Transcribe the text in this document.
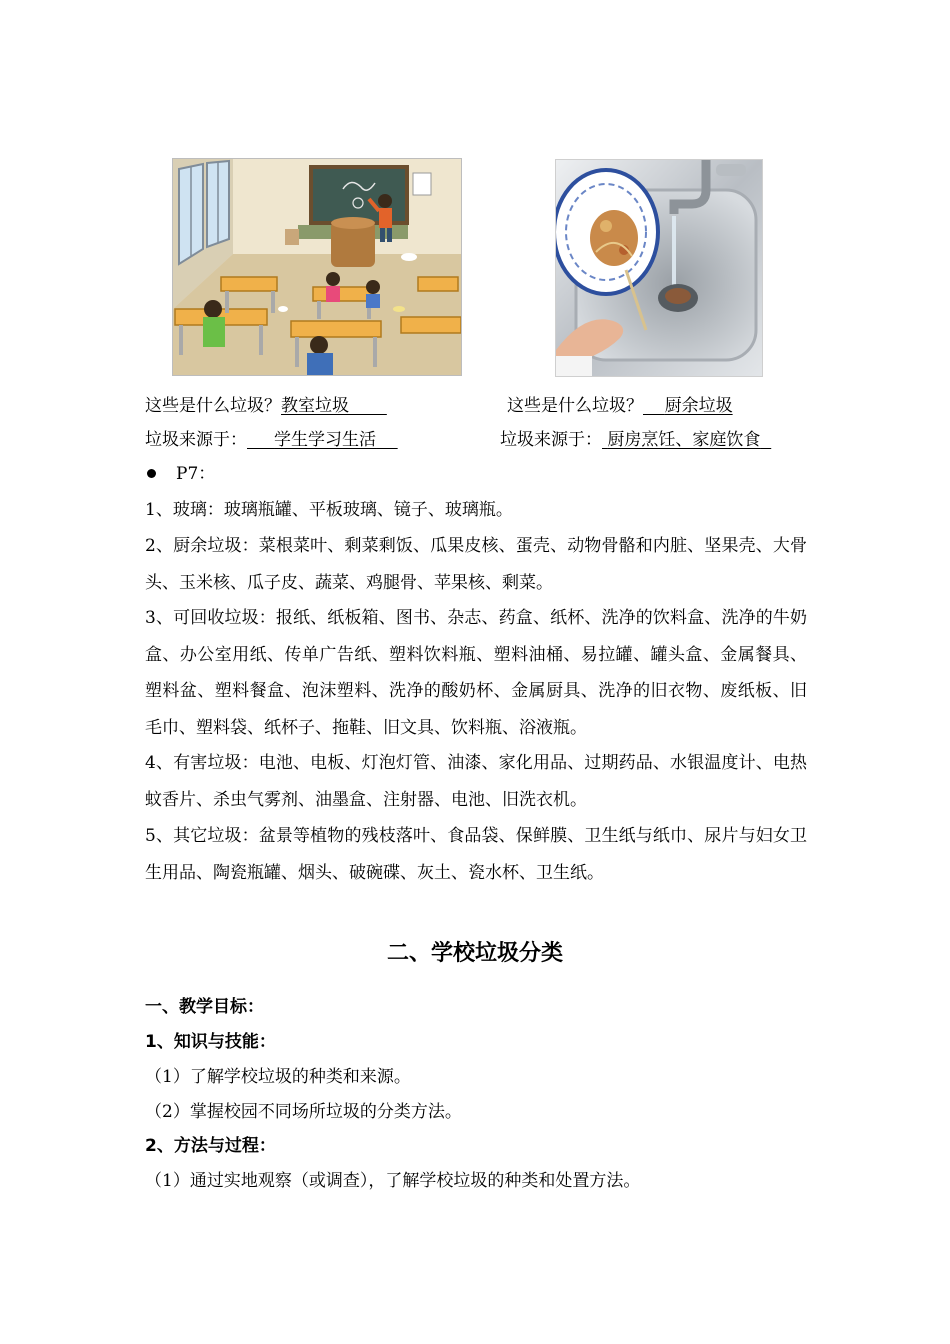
这些是什么垃圾？教室垃圾	这些是什么垃圾？ 厨余垃圾
垃圾来源于： 学生学习生活	垃圾来源于： 厨房烹饪、家庭饮食
P7：
1、玻璃：玻璃瓶罐、平板玻璃、镜子、玻璃瓶。
2、厨余垃圾：菜根菜叶、剩菜剩饭、瓜果皮核、蛋壳、动物骨骼和内脏、坚果壳、大骨头、玉米核、瓜子皮、蔬菜、鸡腿骨、苹果核、剩菜。
3、可回收垃圾：报纸、纸板箱、图书、杂志、药盒、纸杯、洗净的饮料盒、洗净的牛奶盒、办公室用纸、传单广告纸、塑料饮料瓶、塑料油桶、易拉罐、罐头盒、金属餐具、塑料盆、塑料餐盒、泡沫塑料、洗净的酸奶杯、金属厨具、洗净的旧衣物、废纸板、旧毛巾、塑料袋、纸杯子、拖鞋、旧文具、饮料瓶、浴液瓶。
4、有害垃圾：电池、电板、灯泡灯管、油漆、家化用品、过期药品、水银温度计、电热蚊香片、杀虫气雾剂、油墨盒、注射器、电池、旧洗衣机。
5、其它垃圾：盆景等植物的残枝落叶、食品袋、保鲜膜、卫生纸与纸巾、尿片与妇女卫生用品、陶瓷瓶罐、烟头、破碗碟、灰土、瓷水杯、卫生纸。
二、学校垃圾分类
一、教学目标：
1、知识与技能：
（1）了解学校垃圾的种类和来源。
（2）掌握校园不同场所垃圾的分类方法。
2、方法与过程：
（1）通过实地观察（或调查），了解学校垃圾的种类和处置方法。
